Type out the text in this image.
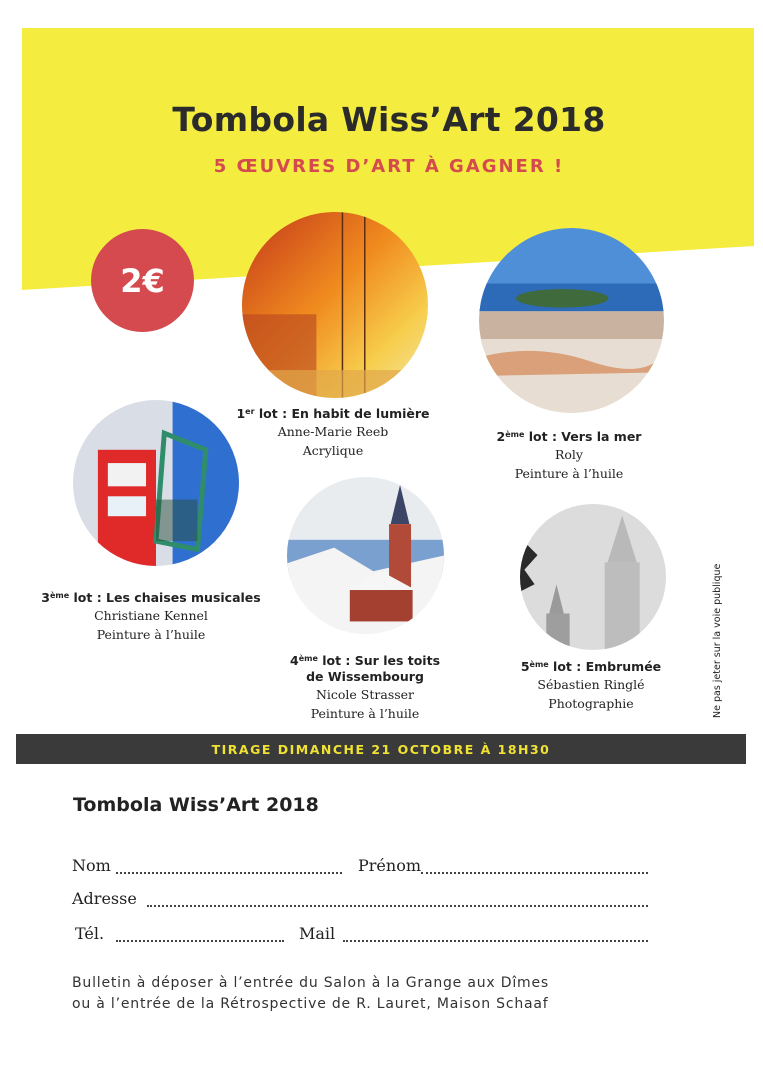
Tombola Wiss’Art 2018
5 ŒUVRES D’ART À GAGNER !
2€
1er lot : En habit de lumière
Anne-Marie Reeb
Acrylique
2ème lot : Vers la mer
Roly
Peinture à l’huile
3ème lot : Les chaises musicales
Christiane Kennel
Peinture à l’huile
4ème lot : Sur les toits
de Wissembourg
Nicole Strasser
Peinture à l’huile
5ème lot : Embrumée
Sébastien Ringlé
Photographie	Ne pas jeter sur la voie publique
TIRAGE DIMANCHE 21 OCTOBRE À 18H30
Tombola Wiss’Art 2018
Nom	Prénom
Adresse
Tél.	Mail
Bulletin à déposer à l’entrée du Salon à la Grange aux Dîmes
ou à l’entrée de la Rétrospective de R. Lauret, Maison Schaaf
